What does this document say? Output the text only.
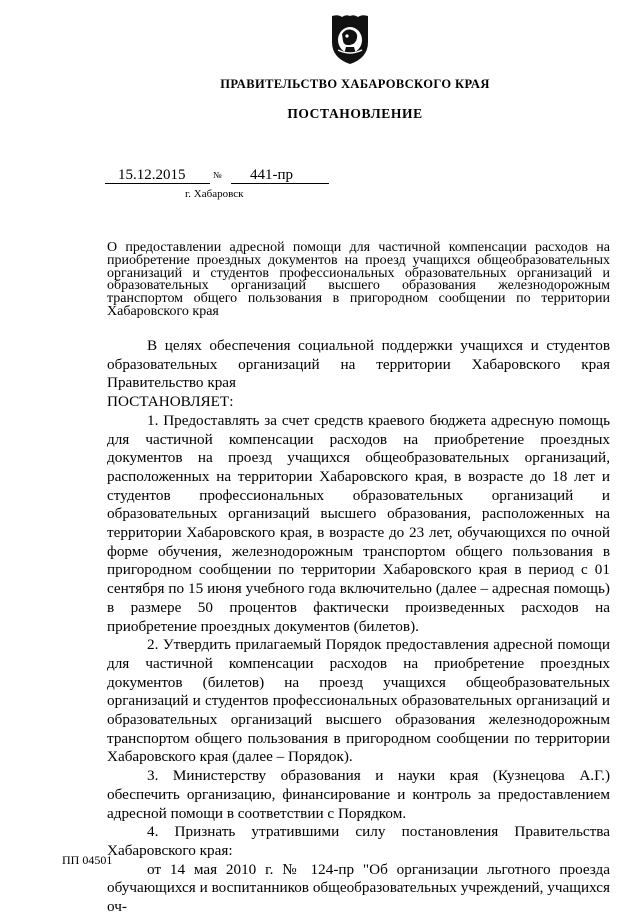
ПРАВИТЕЛЬСТВО ХАБАРОВСКОГО КРАЯ
ПОСТАНОВЛЕНИЕ
15.12.2015	№ 441-пр
г. Хабаровск

О предоставлении адресной помощи для частичной компенсации расходов на приобретение проездных документов на проезд учащихся общеобразовательных организаций и студентов профессиональных образовательных организаций и образовательных организаций высшего образования железнодорожным транспортом общего пользования в пригородном сообщении по территории Хабаровского края

В целях обеспечения социальной поддержки учащихся и студентов образовательных организаций на территории Хабаровского края Правительство края

ПОСТАНОВЛЯЕТ:

1. Предоставлять за счет средств краевого бюджета адресную помощь для частичной компенсации расходов на приобретение проездных документов на проезд учащихся общеобразовательных организаций, расположенных на территории Хабаровского края, в возрасте до 18 лет и студентов профессиональных образовательных организаций и образовательных организаций высшего образования, расположенных на территории Хабаровского края, в возрасте до 23 лет, обучающихся по очной форме обучения, железнодорожным транспортом общего пользования в пригородном сообщении по территории Хабаровского края в период с 01 сентября по 15 июня учебного года включительно (далее – адресная помощь) в размере 50 процентов фактически произведенных расходов на приобретение проездных документов (билетов).

2. Утвердить прилагаемый Порядок предоставления адресной помощи для частичной компенсации расходов на приобретение проездных документов (билетов) на проезд учащихся общеобразовательных организаций и студентов профессиональных образовательных организаций и образовательных организаций высшего образования железнодорожным транспортом общего пользования в пригородном сообщении по территории Хабаровского края (далее – Порядок).

3. Министерству образования и науки края (Кузнецова А.Г.) обеспечить организацию, финансирование и контроль за предоставлением адресной помощи в соответствии с Порядком.

4. Признать утратившими силу постановления Правительства Хабаровского края:

от 14 мая 2010 г. № 124-пр "Об организации льготного проезда обучающихся и воспитанников общеобразовательных учреждений, учащихся оч-

ПП 04501
